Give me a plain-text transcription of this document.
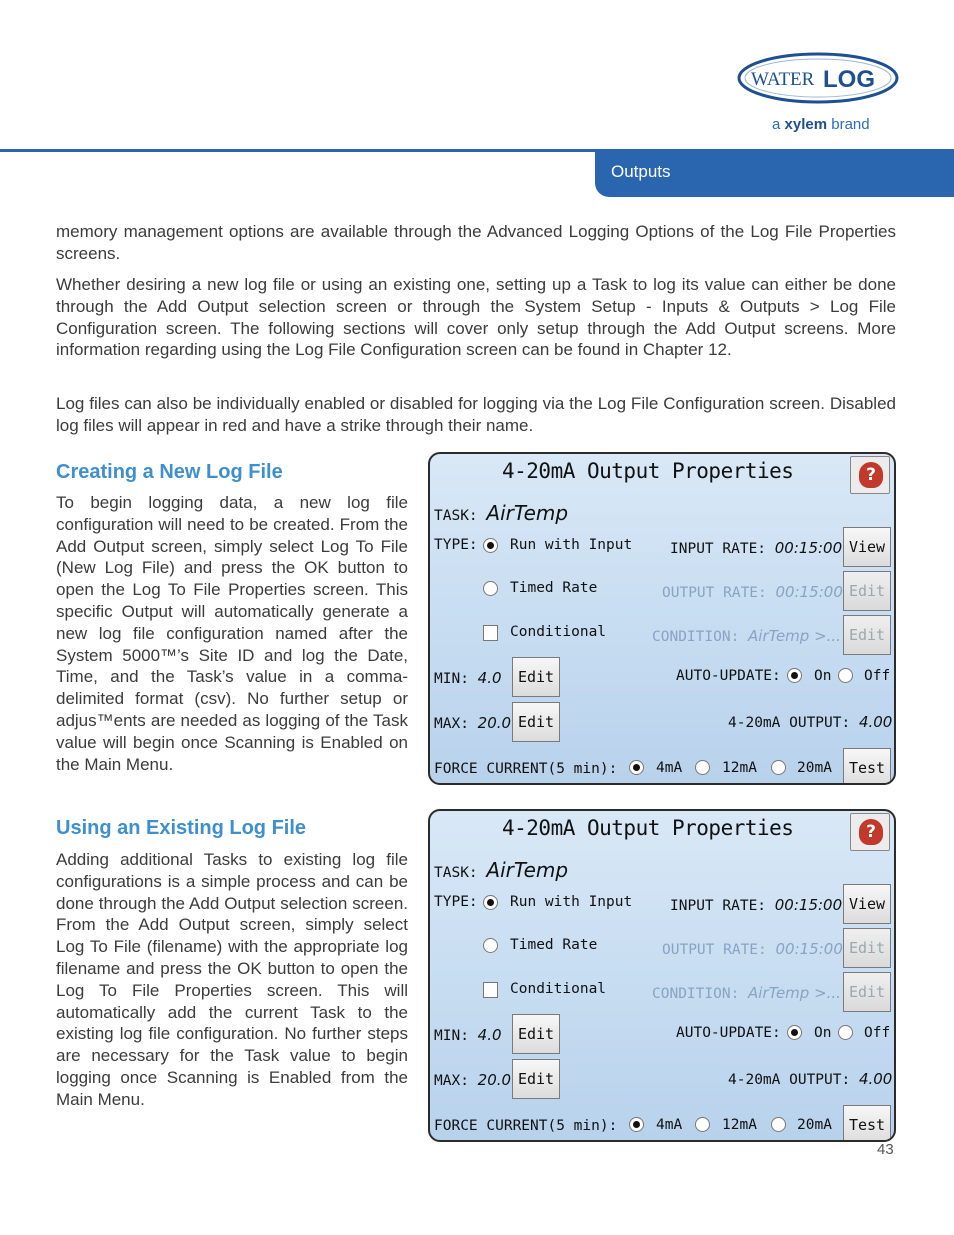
WATER LOG
a xylem brand
Outputs

memory management options are available through the Advanced Logging Options of the Log File Properties screens.

Whether desiring a new log file or using an existing one, setting up a Task to log its value can either be done through the Add Output selection screen or through the System Setup - Inputs & Outputs > Log File Configuration screen. The following sections will cover only setup through the Add Output screens. More information regarding using the Log File Configuration screen can be found in Chapter 12.

Log files can also be individually enabled or disabled for logging via the Log File Configuration screen. Disabled log files will appear in red and have a strike through their name.

Creating a New Log File

To begin logging data, a new log file configuration will need to be created. From the Add Output screen, simply select Log To File (New Log File) and press the OK button to open the Log To File Properties screen. This specific Output will automatically generate a new log file configuration named after the System 5000™’s Site ID and log the Date, Time, and the Task’s value in a comma-delimited format (csv). No further setup or adjus™ents are needed as logging of the Task value will begin once Scanning is Enabled on the Main Menu.

Using an Existing Log File

Adding additional Tasks to existing log file configurations is a simple process and can be done through the Add Output selection screen. From the Add Output screen, simply select Log To File (filename) with the appropriate log filename and press the OK button to open the Log To File Properties screen. This will automatically add the current Task to the existing log file configuration. No further steps are necessary for the Task value to begin logging once Scanning is Enabled from the Main Menu.

4-20mA Output Properties	?
TASK: AirTemp
TYPE: Run with Input
Timed Rate
Conditional
INPUT RATE: 00:15:00 View
OUTPUT RATE: 00:15:00 Edit
CONDITION: AirTemp >... Edit
MIN: 4.0	Edit
MAX: 20.0 Edit
AUTO-UPDATE: On Off
4-20mA OUTPUT: 4.00
FORCE CURRENT(5 min):	4mA	12mA	20mA	Test
4-20mA Output Properties	?
TASK: AirTemp
TYPE: Run with Input
Timed Rate
Conditional
INPUT RATE: 00:15:00 View
OUTPUT RATE: 00:15:00 Edit
CONDITION: AirTemp >... Edit
MIN: 4.0	Edit
MAX: 20.0 Edit
AUTO-UPDATE: On Off
4-20mA OUTPUT: 4.00
FORCE CURRENT(5 min):	4mA	12mA	20mA	Test
43
